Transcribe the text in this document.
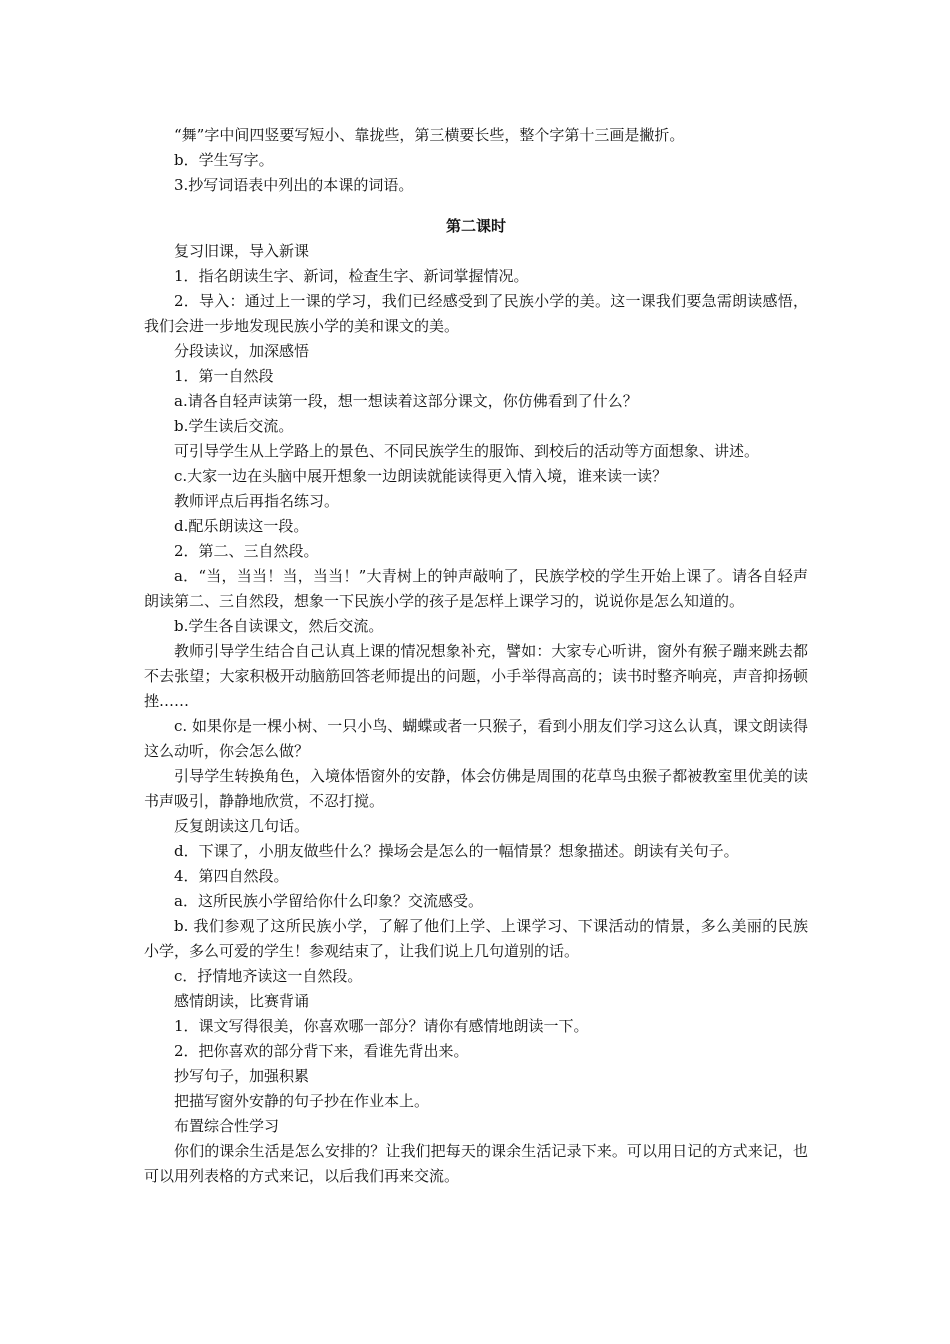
“舞”字中间四竖要写短小、靠拢些，第三横要长些，整个字第十三画是撇折。

b．学生写字。

3.抄写词语表中列出的本课的词语。

第二课时

复习旧课，导入新课

1．指名朗读生字、新词，检查生字、新词掌握情况。

2．导入：通过上一课的学习，我们已经感受到了民族小学的美。这一课我们要急需朗读感悟，我们会进一步地发现民族小学的美和课文的美。

分段读议，加深感悟

1．第一自然段

a.请各自轻声读第一段，想一想读着这部分课文，你仿佛看到了什么？

b.学生读后交流。

可引导学生从上学路上的景色、不同民族学生的服饰、到校后的活动等方面想象、讲述。

c.大家一边在头脑中展开想象一边朗读就能读得更入情入境，谁来读一读？

教师评点后再指名练习。

d.配乐朗读这一段。

2．第二、三自然段。

a．“当，当当！当，当当！”大青树上的钟声敲响了，民族学校的学生开始上课了。请各自轻声朗读第二、三自然段，想象一下民族小学的孩子是怎样上课学习的，说说你是怎么知道的。

b.学生各自读课文，然后交流。

教师引导学生结合自己认真上课的情况想象补充，譬如：大家专心听讲，窗外有猴子蹦来跳去都不去张望；大家积极开动脑筋回答老师提出的问题，小手举得高高的；读书时整齐响亮，声音抑扬顿挫……

c. 如果你是一棵小树、一只小鸟、蝴蝶或者一只猴子，看到小朋友们学习这么认真，课文朗读得这么动听，你会怎么做？

引导学生转换角色，入境体悟窗外的安静，体会仿佛是周围的花草鸟虫猴子都被教室里优美的读书声吸引，静静地欣赏，不忍打搅。

反复朗读这几句话。

d．下课了，小朋友做些什么？操场会是怎么的一幅情景？想象描述。朗读有关句子。

4．第四自然段。

a．这所民族小学留给你什么印象？交流感受。

b. 我们参观了这所民族小学，了解了他们上学、上课学习、下课活动的情景，多么美丽的民族小学，多么可爱的学生！参观结束了，让我们说上几句道别的话。

c．抒情地齐读这一自然段。

感情朗读，比赛背诵

1．课文写得很美，你喜欢哪一部分？请你有感情地朗读一下。

2．把你喜欢的部分背下来，看谁先背出来。

抄写句子，加强积累

把描写窗外安静的句子抄在作业本上。

布置综合性学习

你们的课余生活是怎么安排的？让我们把每天的课余生活记录下来。可以用日记的方式来记，也可以用列表格的方式来记，以后我们再来交流。
